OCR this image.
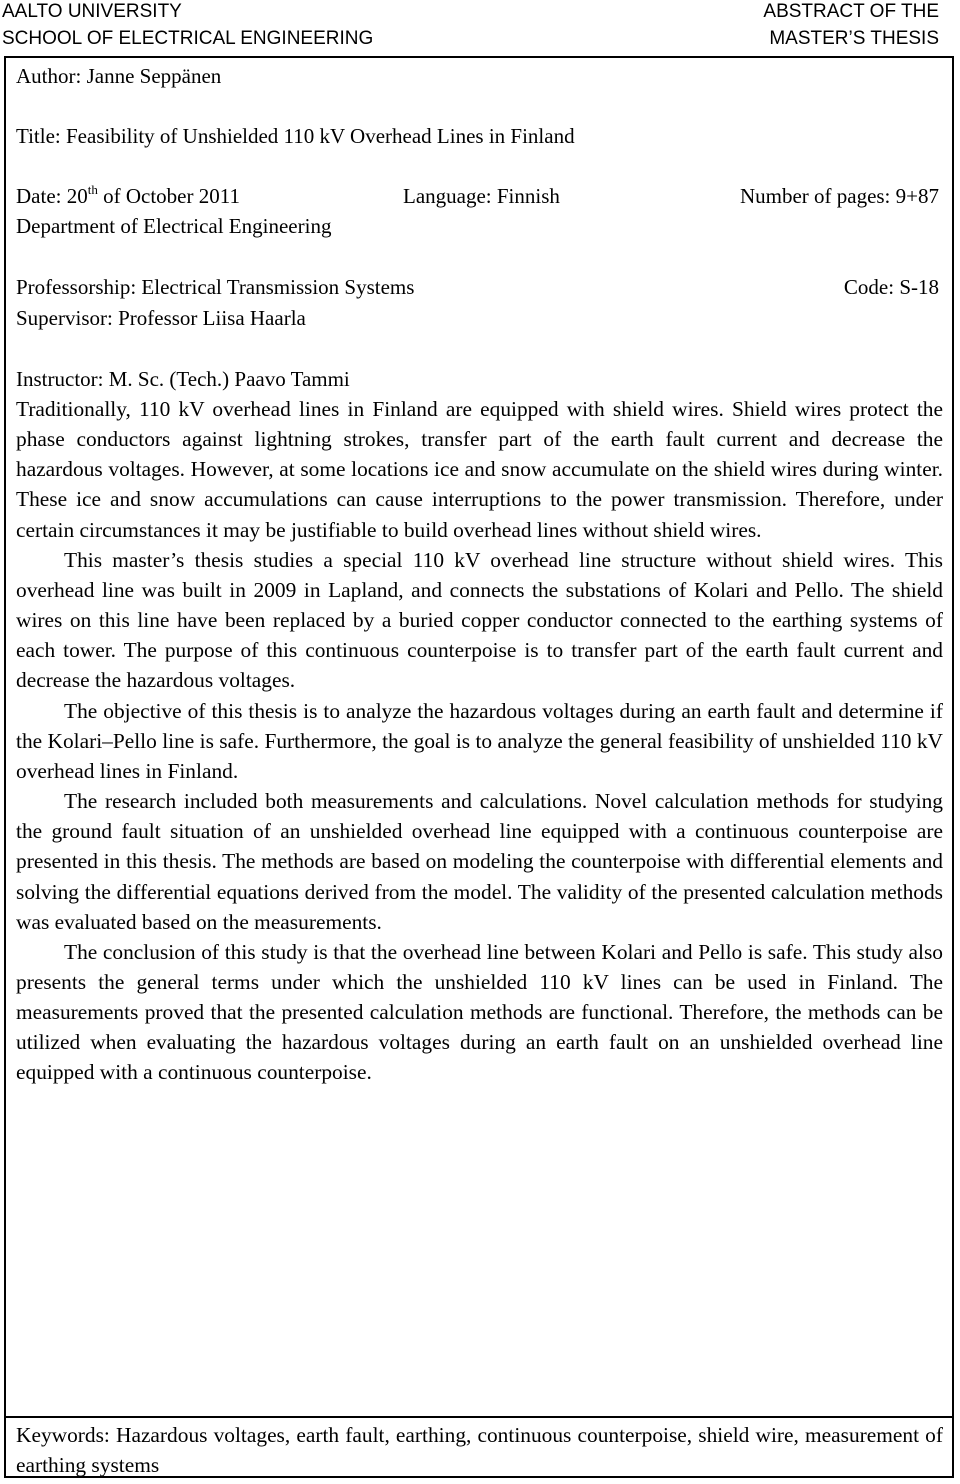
AALTO UNIVERSITY
SCHOOL OF ELECTRICAL ENGINEERING
ABSTRACT OF THE
MASTER’S THESIS
Author: Janne Seppänen
Title: Feasibility of Unshielded 110 kV Overhead Lines in Finland
Date: 20th of October 2011	Language: Finnish	Number of pages: 9+87
Department of Electrical Engineering
Professorship: Electrical Transmission Systems	Code: S-18
Supervisor: Professor Liisa Haarla
Instructor: M. Sc. (Tech.) Paavo Tammi

Traditionally, 110 kV overhead lines in Finland are equipped with shield wires. Shield wires protect the phase conductors against lightning strokes, transfer part of the earth fault current and decrease the hazardous voltages. However, at some locations ice and snow accumulate on the shield wires during winter. These ice and snow accumulations can cause interruptions to the power transmission. Therefore, under certain circumstances it may be justifiable to build overhead lines without shield wires.

This master’s thesis studies a special 110 kV overhead line structure without shield wires. This overhead line was built in 2009 in Lapland, and connects the substations of Kolari and Pello. The shield wires on this line have been replaced by a buried copper conductor connected to the earthing systems of each tower. The purpose of this continuous counterpoise is to transfer part of the earth fault current and decrease the hazardous voltages.

The objective of this thesis is to analyze the hazardous voltages during an earth fault and determine if the Kolari–Pello line is safe. Furthermore, the goal is to analyze the general feasibility of unshielded 110 kV overhead lines in Finland.

The research included both measurements and calculations. Novel calculation methods for studying the ground fault situation of an unshielded overhead line equipped with a continuous counterpoise are presented in this thesis. The methods are based on modeling the counterpoise with differential elements and solving the differential equations derived from the model. The validity of the presented calculation methods was evaluated based on the measurements.

The conclusion of this study is that the overhead line between Kolari and Pello is safe. This study also presents the general terms under which the unshielded 110 kV lines can be used in Finland. The measurements proved that the presented calculation methods are functional. Therefore, the methods can be utilized when evaluating the hazardous voltages during an earth fault on an unshielded overhead line equipped with a continuous counterpoise.

Keywords: Hazardous voltages, earth fault, earthing, continuous counterpoise, shield wire, measurement of earthing systems
